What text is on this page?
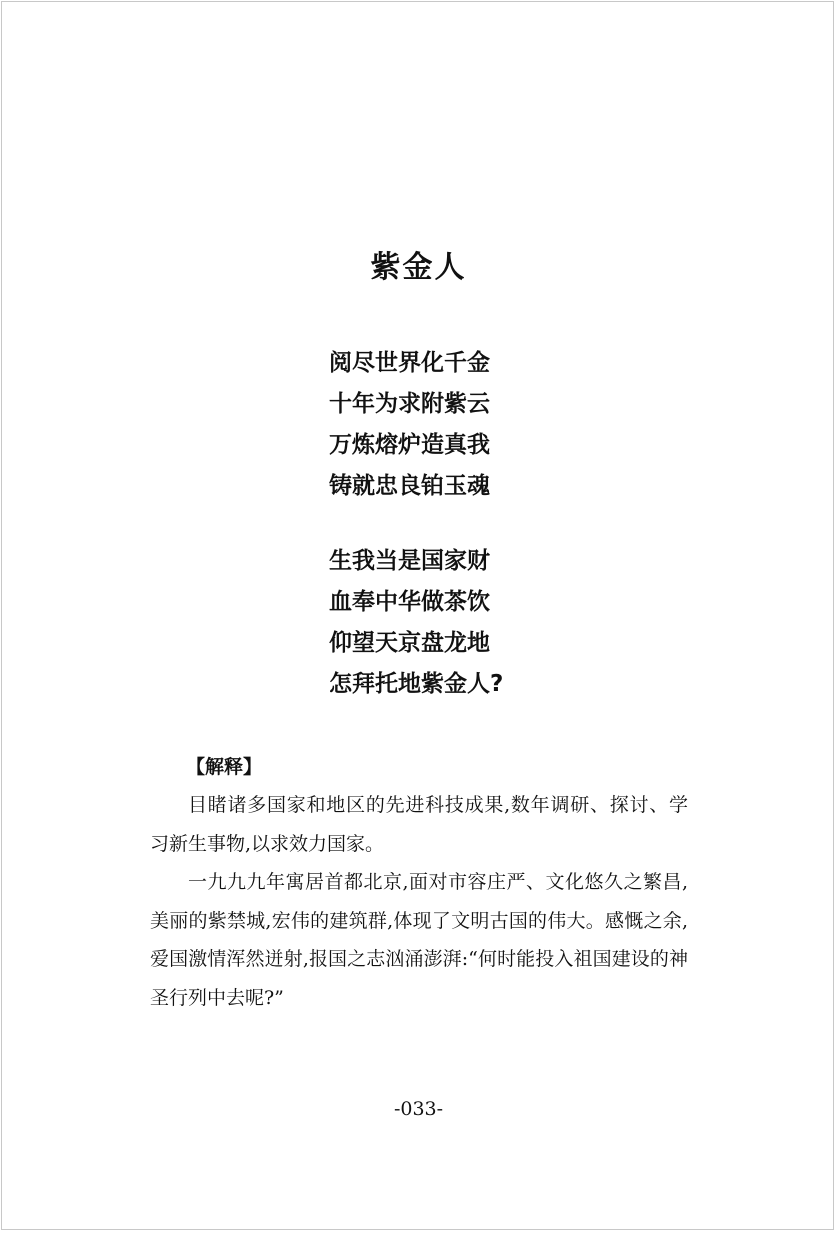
紫金人
阅尽世界化千金
十年为求附紫云
万炼熔炉造真我
铸就忠良铂玉魂
生我当是国家财
血奉中华做茶饮
仰望天京盘龙地
怎拜托地紫金人?
【解释】

目睹诸多国家和地区的先进科技成果,数年调研、探讨、学习新生事物,以求效力国家。

一九九九年寓居首都北京,面对市容庄严、文化悠久之繁昌,美丽的紫禁城,宏伟的建筑群,体现了文明古国的伟大。感慨之余,爱国激情浑然迸射,报国之志汹涌澎湃:“何时能投入祖国建设的神圣行列中去呢?”

-033-
